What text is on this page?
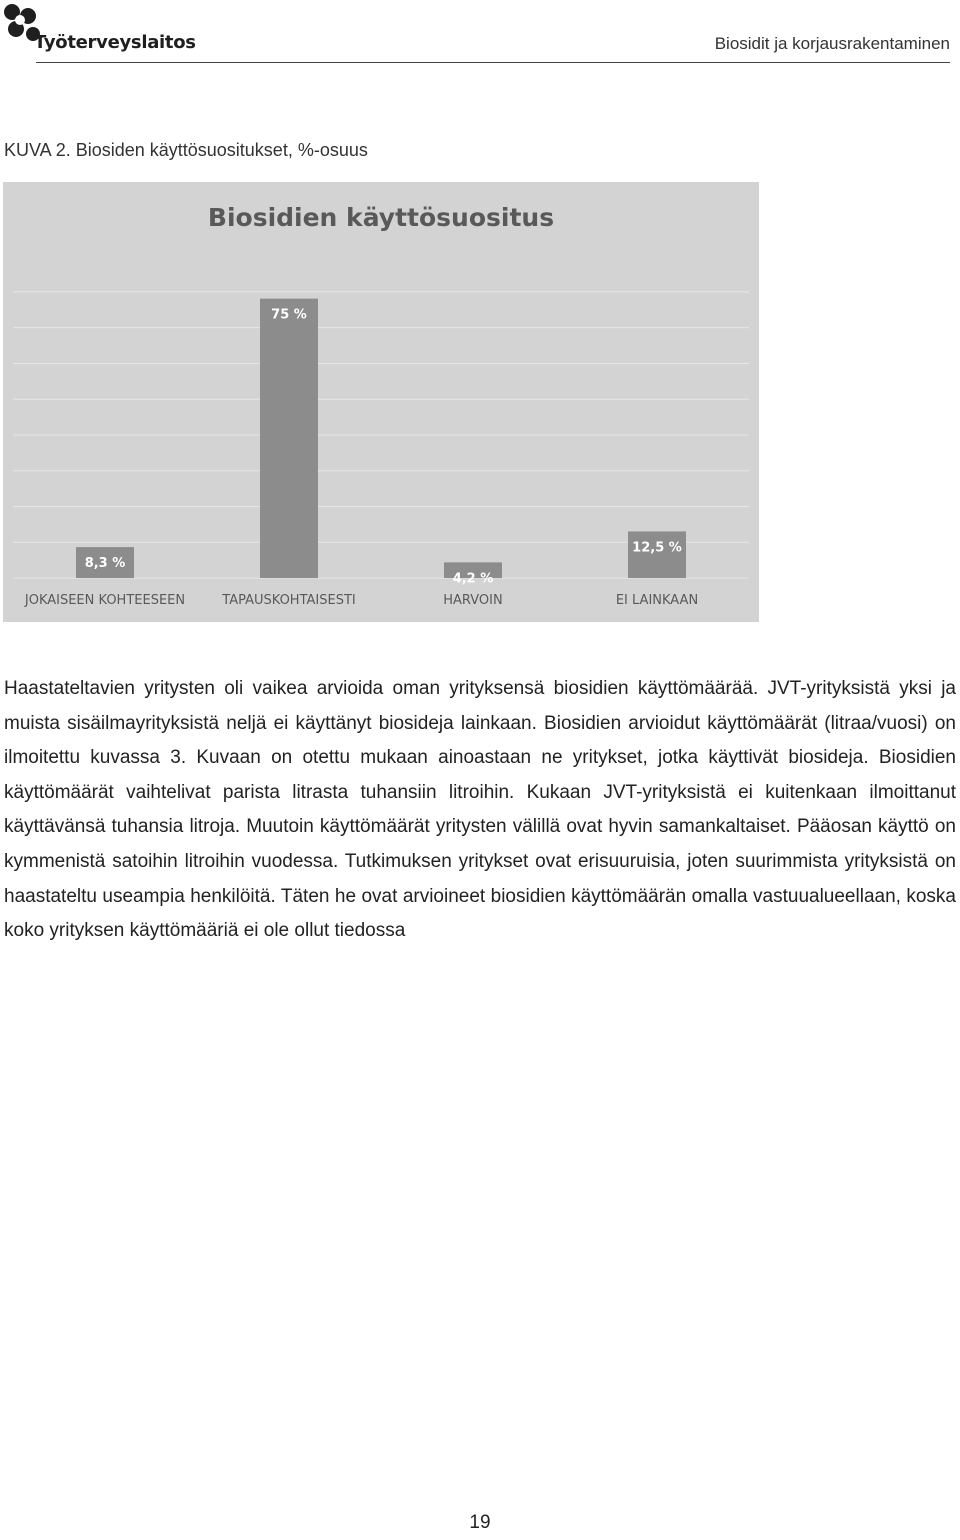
Työterveyslaitos	Biosidit ja korjausrakentaminen
KUVA 2. Biosiden käyttösuositukset, %-osuus
Biosidien käyttösuositus
8,3 %
JOKAISEEN KOHTEESEEN
75 %
TAPAUSKOHTAISESTI
4,2 %
HARVOIN
12,5 %
EI LAINKAAN

Haastateltavien yritysten oli vaikea arvioida oman yrityksensä biosidien käyttömäärää. JVT-yrityksistä yksi ja muista sisäilmayrityksistä neljä ei käyttänyt biosideja lainkaan. Biosidien arvioidut käyttömäärät (litraa/vuosi) on ilmoitettu kuvassa 3. Kuvaan on otettu mukaan ainoastaan ne yritykset, jotka käyttivät biosideja. Biosidien käyttömäärät vaihtelivat parista litrasta tuhansiin litroihin. Kukaan JVT-yrityksistä ei kuitenkaan ilmoittanut käyttävänsä tuhansia litroja. Muutoin käyttömäärät yritysten välillä ovat hyvin samankaltaiset. Pääosan käyttö on kymmenistä satoihin litroihin vuodessa. Tutkimuksen yritykset ovat erisuuruisia, joten suurimmista yrityksistä on haastateltu useampia henkilöitä. Täten he ovat arvioineet biosidien käyttömäärän omalla vastuualueellaan, koska koko yrityksen käyttömääriä ei ole ollut tiedossa

19
